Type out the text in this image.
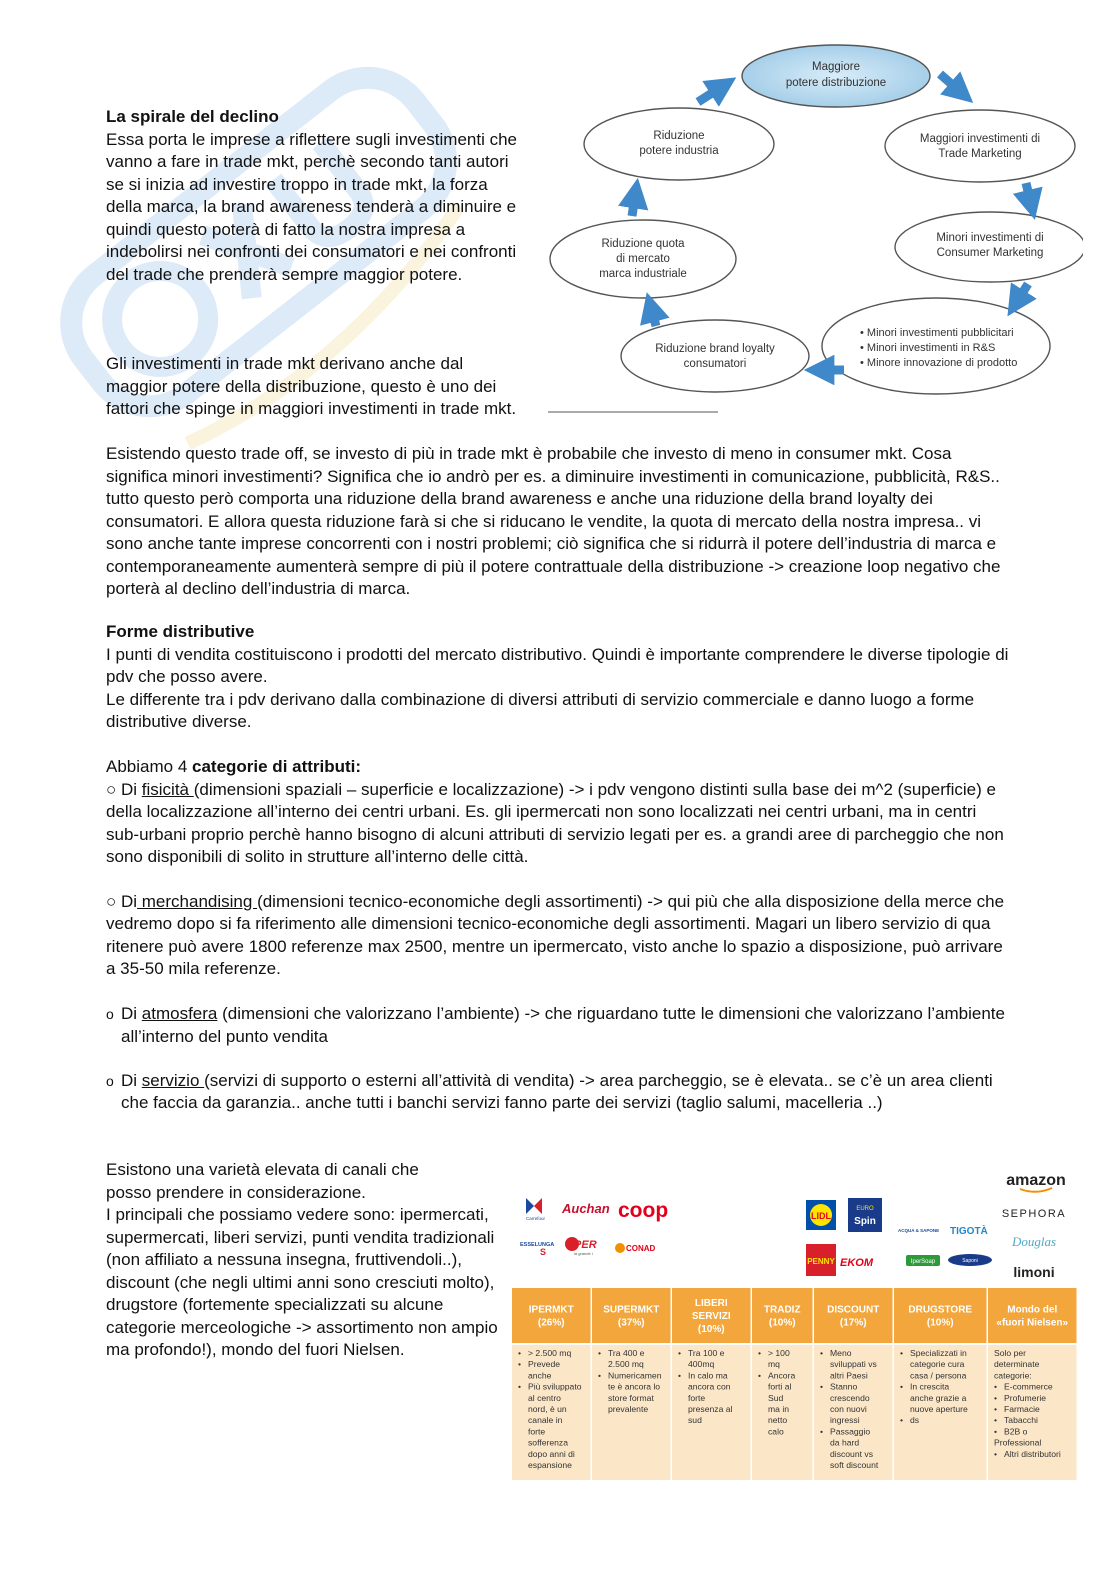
La spirale del declino
Essa porta le imprese a riflettere sugli investimenti che vanno a fare in trade mkt, perchè secondo tanti autori se si inizia ad investire troppo in trade mkt, la forza della marca, la brand awareness tenderà a diminuire e quindi questo poterà di fatto la nostra impresa a indebolirsi nei confronti dei consumatori e nei confronti del trade che prenderà sempre maggior potere.
Gli investimenti in trade mkt derivano anche dal maggior potere della distribuzione, questo è uno dei fattori che spinge in maggiori investimenti in trade mkt.
Esistendo questo trade off, se investo di più in trade mkt è probabile che investo di meno in consumer mkt. Cosa significa minori investimenti? Significa che io andrò per es. a diminuire investimenti in comunicazione, pubblicità, R&S.. tutto questo però comporta una riduzione della brand awareness e anche una riduzione della brand loyalty dei consumatori. E allora questa riduzione farà si che si riducano le vendite, la quota di mercato della nostra impresa.. vi sono anche tante imprese concorrenti con i nostri problemi; ciò significa che si ridurrà il potere dell’industria di marca e contemporaneamente aumenterà sempre di più il potere contrattuale della distribuzione -> creazione loop negativo che porterà al declino dell’industria di marca.
Maggiore
potere distribuzione
Maggiori investimenti di
Trade Marketing
Minori investimenti di
Consumer Marketing
• Minori investimenti pubblicitari
• Minori investimenti in R&S
• Minore innovazione di prodotto
Riduzione brand loyalty
consumatori
Riduzione quota
di mercato
marca industriale
Riduzione
potere industria
Forme distributive
I punti di vendita costituiscono i prodotti del mercato distributivo. Quindi è importante comprendere le diverse tipologie di pdv che posso avere.
Le differente tra i pdv derivano dalla combinazione di diversi attributi di servizio commerciale e danno luogo a forme distributive diverse.
Abbiamo 4 categorie di attributi:
○ Di fisicità (dimensioni spaziali – superficie e localizzazione) -> i pdv vengono distinti sulla base dei m^2 (superficie) e della localizzazione all’interno dei centri urbani. Es. gli ipermercati non sono localizzati nei centri urbani, ma in centri sub-urbani proprio perchè hanno bisogno di alcuni attributi di servizio legati per es. a grandi aree di parcheggio che non sono disponibili di solito in strutture all’interno delle città.
○ Di merchandising (dimensioni tecnico-economiche degli assortimenti) -> qui più che alla disposizione della merce che vedremo dopo si fa riferimento alle dimensioni tecnico-economiche degli assortimenti. Magari un libero servizio di qua ritenere può avere 1800 referenze max 2500, mentre un ipermercato, visto anche lo spazio a disposizione, può arrivare a 35-50 mila referenze.
o Di atmosfera (dimensioni che valorizzano l’ambiente) -> che riguardano tutte le dimensioni che valorizzano l’ambiente all’interno del punto vendita
o Di servizio (servizi di supporto o esterni all’attività di vendita) -> area parcheggio, se è elevata.. se c’è un area clienti che faccia da garanzia.. anche tutti i banchi servizi fanno parte dei servizi (taglio salumi, macelleria ..)
Esistono una varietà elevata di canali che posso prendere in considerazione.
I principali che possiamo vedere sono: ipermercati, supermercati, liberi servizi, punti vendita tradizionali (non affiliato a nessuna insegna, fruttivendoli..), discount (che negli ultimi anni sono cresciuti molto), drugstore (fortemente specializzati su alcune categorie merceologiche -> assortimento non ampio ma profondo!), mondo del fuori Nielsen.
Carrefour
Auchan coop
ESSELUNGA
S
IPER
la grande i
CONAD
LIDL
EURO
Spin
PENNY EKOM
ACQUA & SAPONE TIGOTÀ
IperSoap	Saponi
amazon
SEPHORA
Douglas
limoni
IPERMKT
(26%)
• > 2.500 mq
• Prevede
anche
• Più sviluppato
al centro
nord, è un
canale in
forte
sofferenza
dopo anni di
espansione
SUPERMKT
(37%)
• Tra 400 e
2.500 mq
• Numericamen
te è ancora lo
store format
prevalente
LIBERI
SERVIZI
(10%)
• Tra 100 e
400mq
• In calo ma
ancora con
forte
presenza al
sud
TRADIZ
(10%)
• > 100
mq
• Ancora
forti al
Sud
ma in
netto
calo
DISCOUNT
(17%)
• Meno
sviluppati vs
altri Paesi
• Stanno
crescendo
con nuovi
ingressi
• Passaggio
da hard
discount vs
soft discount
DRUGSTORE
(10%)
• Specializzati in
categorie cura
casa / persona
• In crescita
anche grazie a
nuove aperture
• ds
Mondo del
«fuori Nielsen»
Solo per
determinate
categorie:
• E-commerce
• Profumerie
• Farmacie
• Tabacchi
• B2B o
Professional
• Altri distributori
